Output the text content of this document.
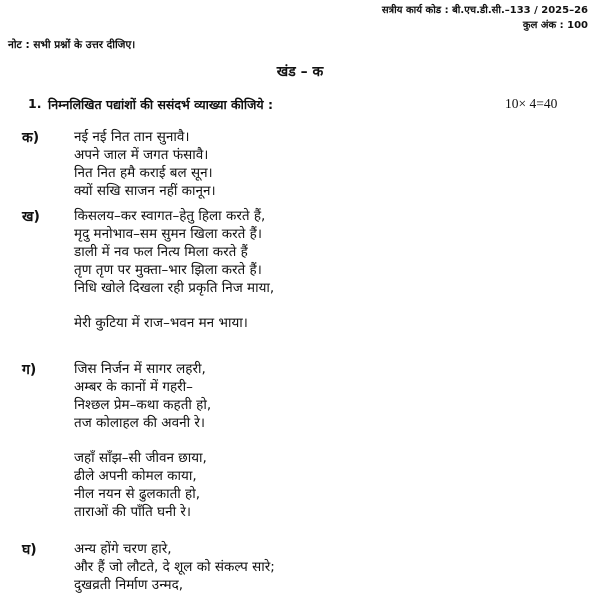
सत्रीय कार्य कोड : बी.एच.डी.सी.–133 / 2025–26
कुल अंक : 100
नोट : सभी प्रश्नों के उत्तर दीजिए।
खंड – क
1. निम्नलिखित पद्यांशों की ससंदर्भ व्याख्या कीजिये :	10× 4=40
क)	नई नई नित तान सुनावै।
अपने जाल में जगत फंसावै।
नित नित हमै कराई बल सून।
क्यों सखि साजन नहीं कानून।
ख)	किसलय–कर स्वागत–हेतु हिला करते हैं,
मृदु मनोभाव–सम सुमन खिला करते हैं।
डाली में नव फल नित्य मिला करते हैं
तृण तृण पर मुक्ता–भार झिला करते हैं।
निधि खोले दिखला रही प्रकृति निज माया,
मेरी कुटिया में राज–भवन मन भाया।
ग)	जिस निर्जन में सागर लहरी,
अम्बर के कानों में गहरी–
निश्छल प्रेम–कथा कहती हो,
तज कोलाहल की अवनी रे।
जहाँ साँझ–सी जीवन छाया,
ढीले अपनी कोमल काया,
नील नयन से ढुलकाती हो,
ताराओं की पाँति घनी रे।
घ)	अन्य होंगे चरण हारे,
और हैं जो लौटते, दे शूल को संकल्प सारे;
दुखव्रती निर्माण उन्मद,
